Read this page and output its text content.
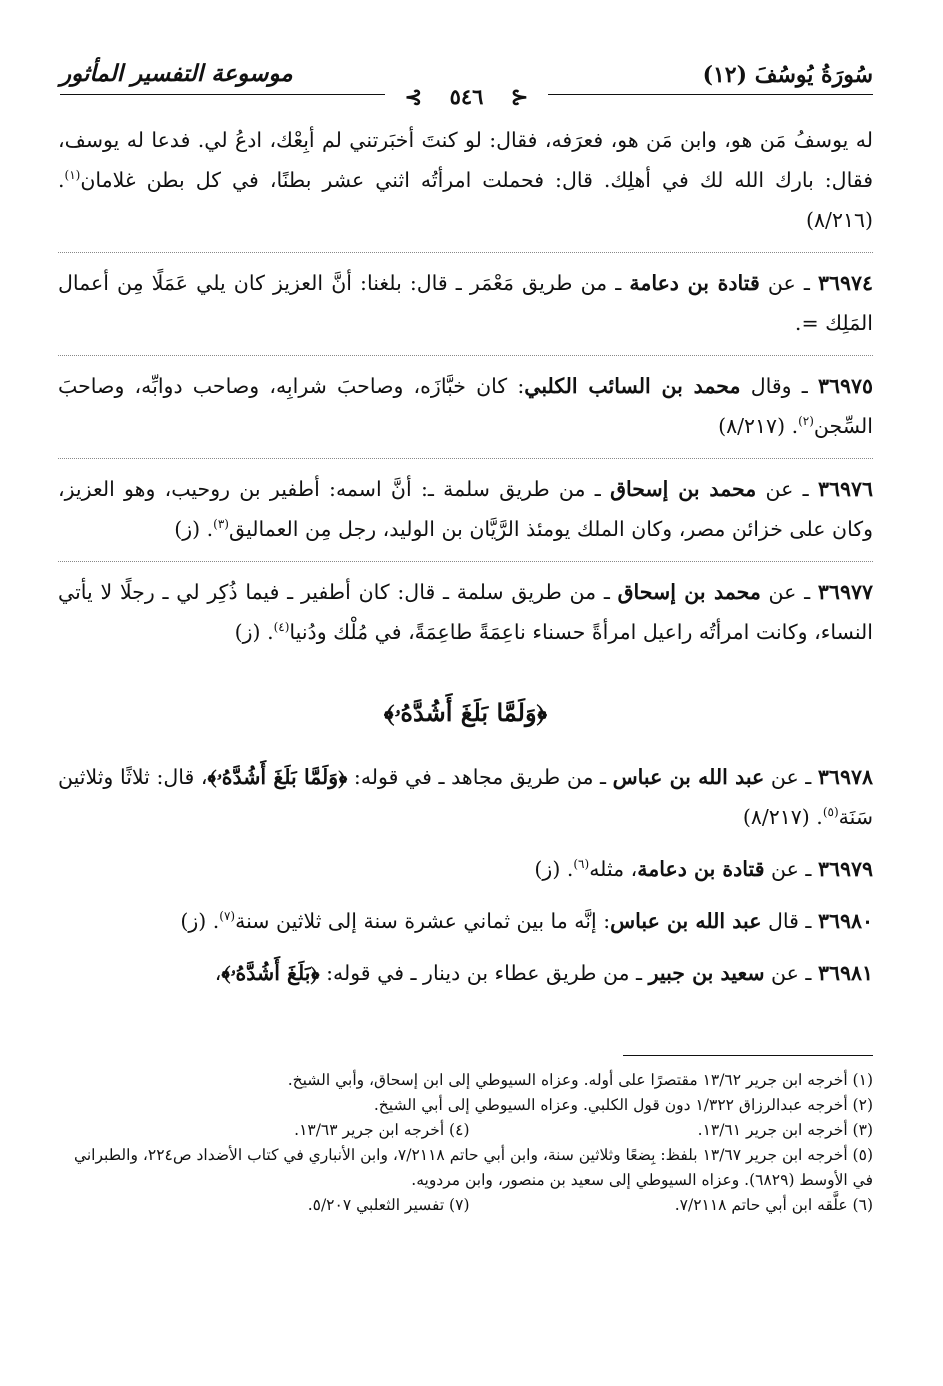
سُورَةُ يُوسُفَ (١٢)
موسوعة التفسير المأثور
⊰ ٥٤٦ ⊱

له يوسفُ مَن هو، وابن مَن هو، فعرَفه، فقال: لو كنتَ أخبَرتني لم أبِعْك، ادعُ لي. فدعا له يوسف، فقال: بارك الله لك في أهلِك. قال: فحملت امرأتُه اثني عشر بطنًا، في كل بطن غلامان$^{(١)}$. (٨/٢١٦)

٣٦٩٧٤ ـ عن قتادة بن دعامة ـ من طريق مَعْمَر ـ قال: بلغنا: أنَّ العزيز كان يلي عَمَلًا مِن أعمال المَلِك =.

٣٦٩٧٥ ـ وقال محمد بن السائب الكلبي: كان خبَّازَه، وصاحبَ شرابِه، وصاحب دوابِّه، وصاحبَ السِّجن$^{(٢)}$. (٨/٢١٧)

٣٦٩٧٦ ـ عن محمد بن إسحاق ـ من طريق سلمة ـ: أنَّ اسمه: أطفير بن روحيب، وهو العزيز، وكان على خزائن مصر، وكان الملك يومئذ الرَّيَّان بن الوليد، رجل مِن العماليق$^{(٣)}$. (ز)

٣٦٩٧٧ ـ عن محمد بن إسحاق ـ من طريق سلمة ـ قال: كان أطفير ـ فيما ذُكِر لي ـ رجلًا لا يأتي النساء، وكانت امرأتُه راعيل امرأةً حسناء ناعِمَةً طاعِمَةً، في مُلْك ودُنيا$^{(٤)}$. (ز)

﴿وَلَمَّا بَلَغَ أَشُدَّهُۥ﴾

٣٦٩٧٨ ـ عن عبد الله بن عباس ـ من طريق مجاهد ـ في قوله: ﴿وَلَمَّا بَلَغَ أَشُدَّهُۥ﴾، قال: ثلاثًا وثلاثين سَنَة$^{(٥)}$. (٨/٢١٧)

٣٦٩٧٩ ـ عن قتادة بن دعامة، مثله$^{(٦)}$. (ز)

٣٦٩٨٠ ـ قال عبد الله بن عباس: إنَّه ما بين ثماني عشرة سنة إلى ثلاثين سنة$^{(٧)}$. (ز)

٣٦٩٨١ ـ عن سعيد بن جبير ـ من طريق عطاء بن دينار ـ في قوله: ﴿بَلَغَ أَشُدَّهُۥ﴾،

(١) أخرجه ابن جرير ١٣/٦٢ مقتصرًا على أوله. وعزاه السيوطي إلى ابن إسحاق، وأبي الشيخ.
(٢) أخرجه عبدالرزاق ١/٣٢٢ دون قول الكلبي. وعزاه السيوطي إلى أبي الشيخ.
(٣) أخرجه ابن جرير ١٣/٦١.
(٤) أخرجه ابن جرير ١٣/٦٣.
(٥) أخرجه ابن جرير ١٣/٦٧ بلفظ: بِضعًا وثلاثين سنة، وابن أبي حاتم ٧/٢١١٨، وابن الأنباري في كتاب الأضداد ص٢٢٤، والطبراني في الأوسط (٦٨٢٩). وعزاه السيوطي إلى سعيد بن منصور، وابن مردويه.
(٦) علَّقه ابن أبي حاتم ٧/٢١١٨.
(٧) تفسير الثعلبي ٥/٢٠٧.
